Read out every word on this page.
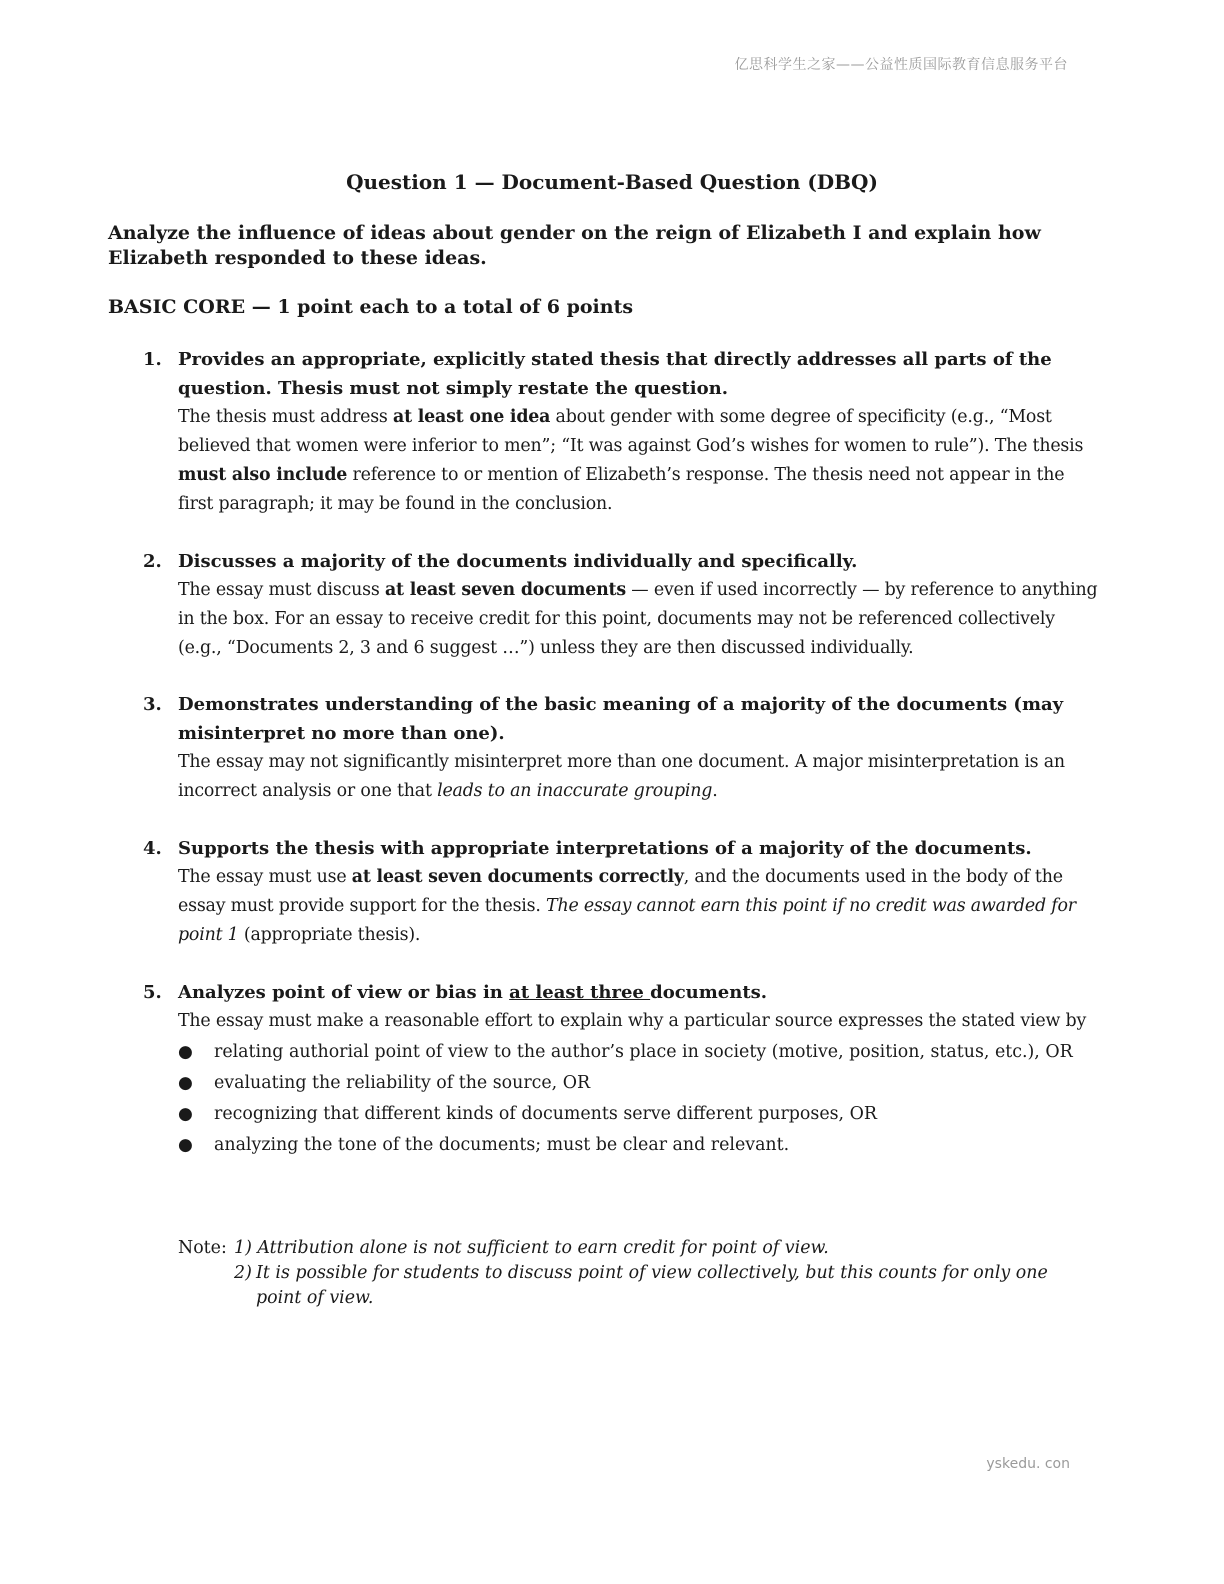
亿思科学生之家——公益性质国际教育信息服务平台
Question 1 — Document-Based Question (DBQ)
Analyze the influence of ideas about gender on the reign of Elizabeth I and explain how Elizabeth responded to these ideas.
BASIC CORE — 1 point each to a total of 6 points
1. Provides an appropriate, explicitly stated thesis that directly addresses all parts of the question. Thesis must not simply restate the question.
The thesis must address at least one idea about gender with some degree of specificity (e.g., “Most believed that women were inferior to men”; “It was against God’s wishes for women to rule”). The thesis must also include reference to or mention of Elizabeth’s response. The thesis need not appear in the first paragraph; it may be found in the conclusion.
2. Discusses a majority of the documents individually and specifically.
The essay must discuss at least seven documents — even if used incorrectly — by reference to anything in the box. For an essay to receive credit for this point, documents may not be referenced collectively (e.g., “Documents 2, 3 and 6 suggest …”) unless they are then discussed individually.
3. Demonstrates understanding of the basic meaning of a majority of the documents (may misinterpret no more than one).
The essay may not significantly misinterpret more than one document. A major misinterpretation is an incorrect analysis or one that leads to an inaccurate grouping.
4. Supports the thesis with appropriate interpretations of a majority of the documents.
The essay must use at least seven documents correctly, and the documents used in the body of the essay must provide support for the thesis. The essay cannot earn this point if no credit was awarded for point 1 (appropriate thesis).
5. Analyzes point of view or bias in at least three documents.
The essay must make a reasonable effort to explain why a particular source expresses the stated view by
● relating authorial point of view to the author’s place in society (motive, position, status, etc.), OR
● evaluating the reliability of the source, OR
● recognizing that different kinds of documents serve different purposes, OR
● analyzing the tone of the documents; must be clear and relevant.
Note: 1) Attribution alone is not sufficient to earn credit for point of view.
2) It is possible for students to discuss point of view collectively, but this counts for only one
point of view.
yskedu. con
